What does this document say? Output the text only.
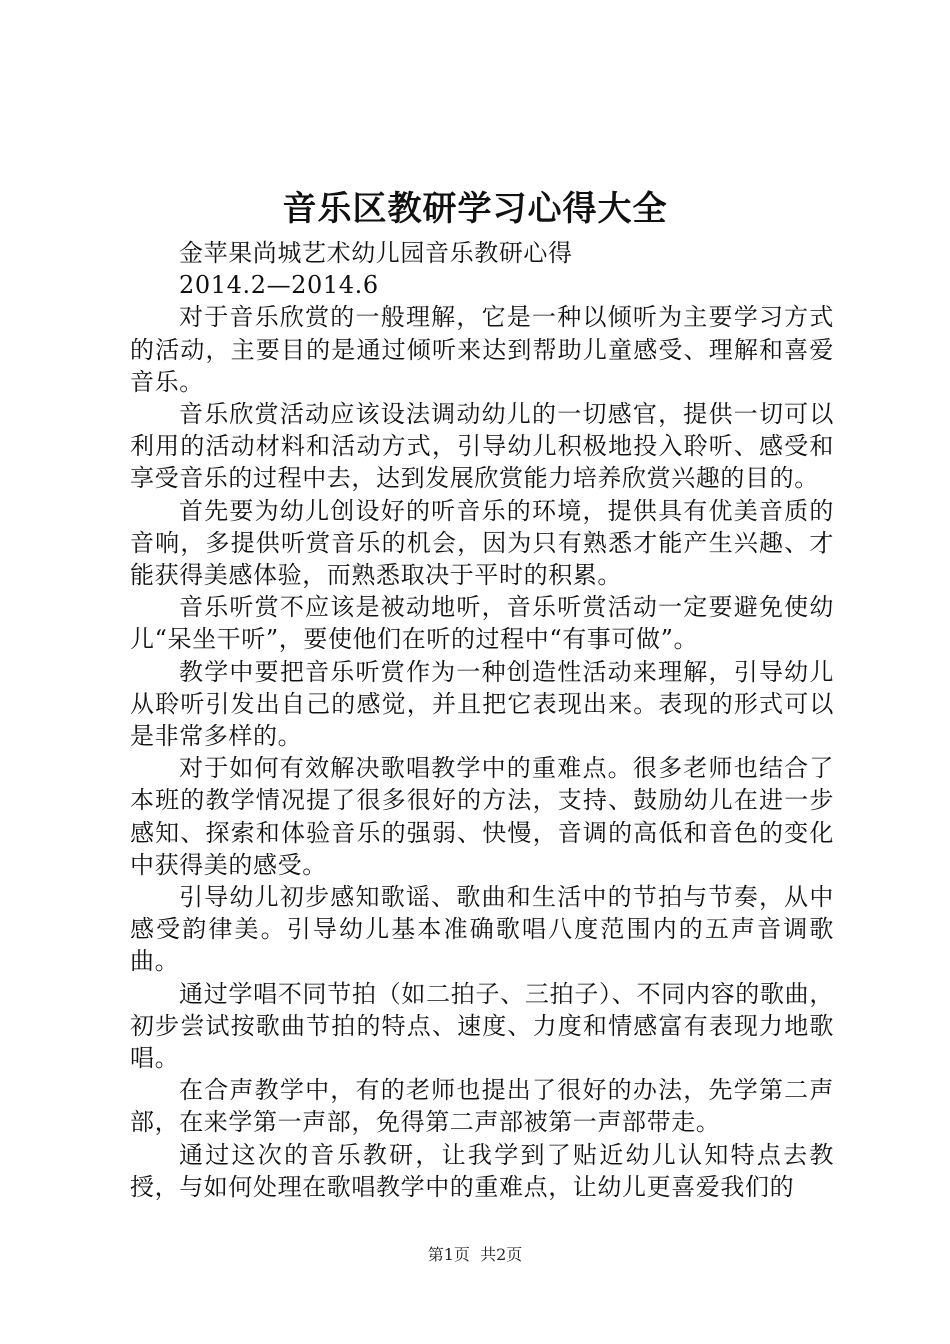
音乐区教研学习心得大全

金苹果尚城艺术幼儿园音乐教研心得

2014.2—2014.6

对于音乐欣赏的一般理解，它是一种以倾听为主要学习方式的活动，主要目的是通过倾听来达到帮助儿童感受、理解和喜爱音乐。

音乐欣赏活动应该设法调动幼儿的一切感官，提供一切可以利用的活动材料和活动方式，引导幼儿积极地投入聆听、感受和享受音乐的过程中去，达到发展欣赏能力培养欣赏兴趣的目的。

首先要为幼儿创设好的听音乐的环境，提供具有优美音质的音响，多提供听赏音乐的机会，因为只有熟悉才能产生兴趣、才能获得美感体验，而熟悉取决于平时的积累。

音乐听赏不应该是被动地听，音乐听赏活动一定要避免使幼儿“呆坐干听”，要使他们在听的过程中“有事可做”。

教学中要把音乐听赏作为一种创造性活动来理解，引导幼儿从聆听引发出自己的感觉，并且把它表现出来。表现的形式可以是非常多样的。

对于如何有效解决歌唱教学中的重难点。很多老师也结合了本班的教学情况提了很多很好的方法，支持、鼓励幼儿在进一步感知、探索和体验音乐的强弱、快慢，音调的高低和音色的变化中获得美的感受。

引导幼儿初步感知歌谣、歌曲和生活中的节拍与节奏，从中感受韵律美。引导幼儿基本准确歌唱八度范围内的五声音调歌曲。

通过学唱不同节拍（如二拍子、三拍子）、不同内容的歌曲，初步尝试按歌曲节拍的特点、速度、力度和情感富有表现力地歌唱。

在合声教学中，有的老师也提出了很好的办法，先学第二声部，在来学第一声部，免得第二声部被第一声部带走。

通过这次的音乐教研，让我学到了贴近幼儿认知特点去教授，与如何处理在歌唱教学中的重难点，让幼儿更喜爱我们的

第1页 共2页
